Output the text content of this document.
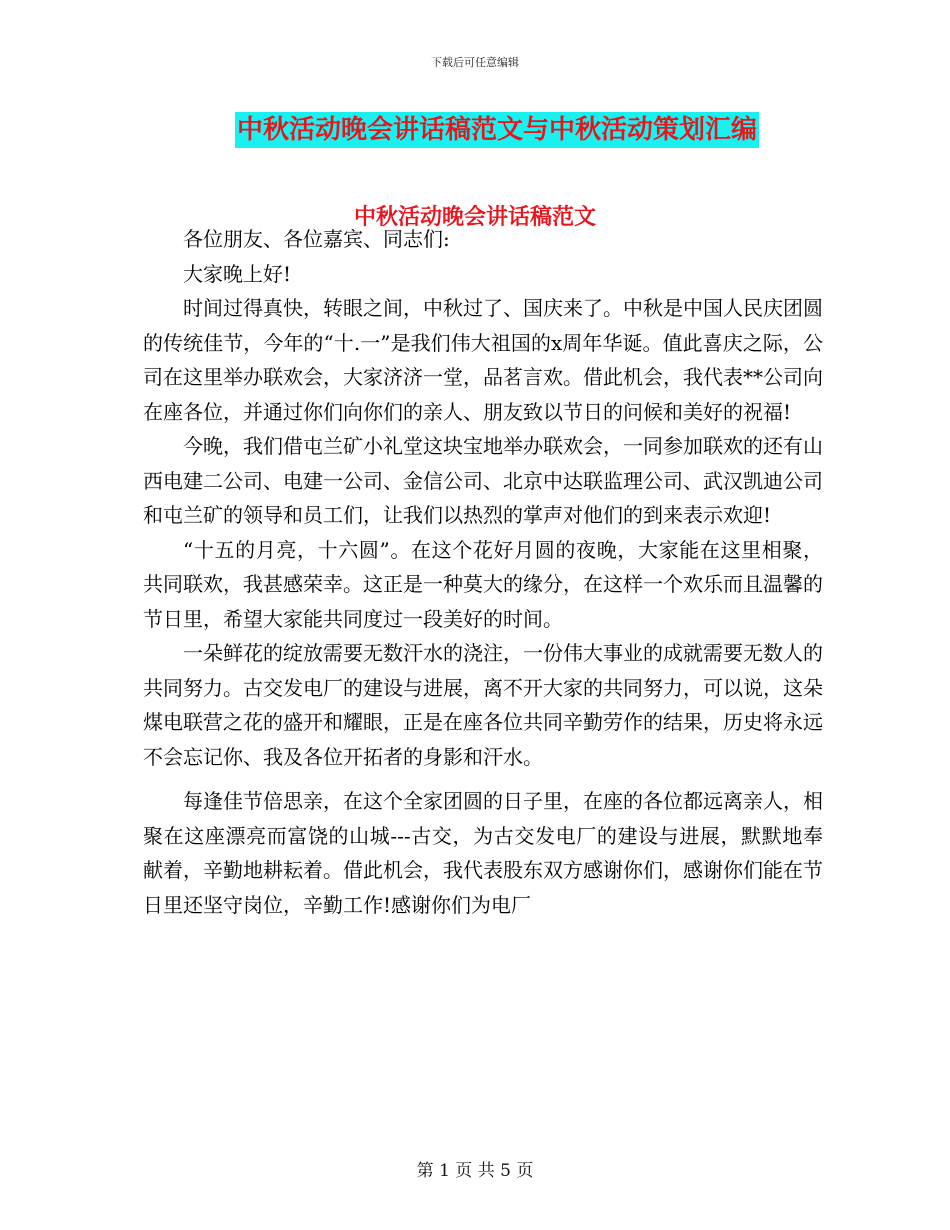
下载后可任意编辑
中秋活动晚会讲话稿范文与中秋活动策划汇编
中秋活动晚会讲话稿范文

各位朋友、各位嘉宾、同志们:

大家晚上好!

时间过得真快，转眼之间，中秋过了、国庆来了。中秋是中国人民庆团圆的传统佳节，今年的“十.一”是我们伟大祖国的x周年华诞。值此喜庆之际，公司在这里举办联欢会，大家济济一堂，品茗言欢。借此机会，我代表**公司向在座各位，并通过你们向你们的亲人、朋友致以节日的问候和美好的祝福!

今晚，我们借屯兰矿小礼堂这块宝地举办联欢会，一同参加联欢的还有山西电建二公司、电建一公司、金信公司、北京中达联监理公司、武汉凯迪公司和屯兰矿的领导和员工们，让我们以热烈的掌声对他们的到来表示欢迎!

“十五的月亮，十六圆”。在这个花好月圆的夜晚，大家能在这里相聚，共同联欢，我甚感荣幸。这正是一种莫大的缘分，在这样一个欢乐而且温馨的节日里，希望大家能共同度过一段美好的时间。

一朵鲜花的绽放需要无数汗水的浇注，一份伟大事业的成就需要无数人的共同努力。古交发电厂的建设与进展，离不开大家的共同努力，可以说，这朵煤电联营之花的盛开和耀眼，正是在座各位共同辛勤劳作的结果，历史将永远不会忘记你、我及各位开拓者的身影和汗水。

每逢佳节倍思亲，在这个全家团圆的日子里，在座的各位都远离亲人，相聚在这座漂亮而富饶的山城---古交，为古交发电厂的建设与进展，默默地奉献着，辛勤地耕耘着。借此机会，我代表股东双方感谢你们，感谢你们能在节日里还坚守岗位，辛勤工作!感谢你们为电厂

第 1 页 共 5 页
